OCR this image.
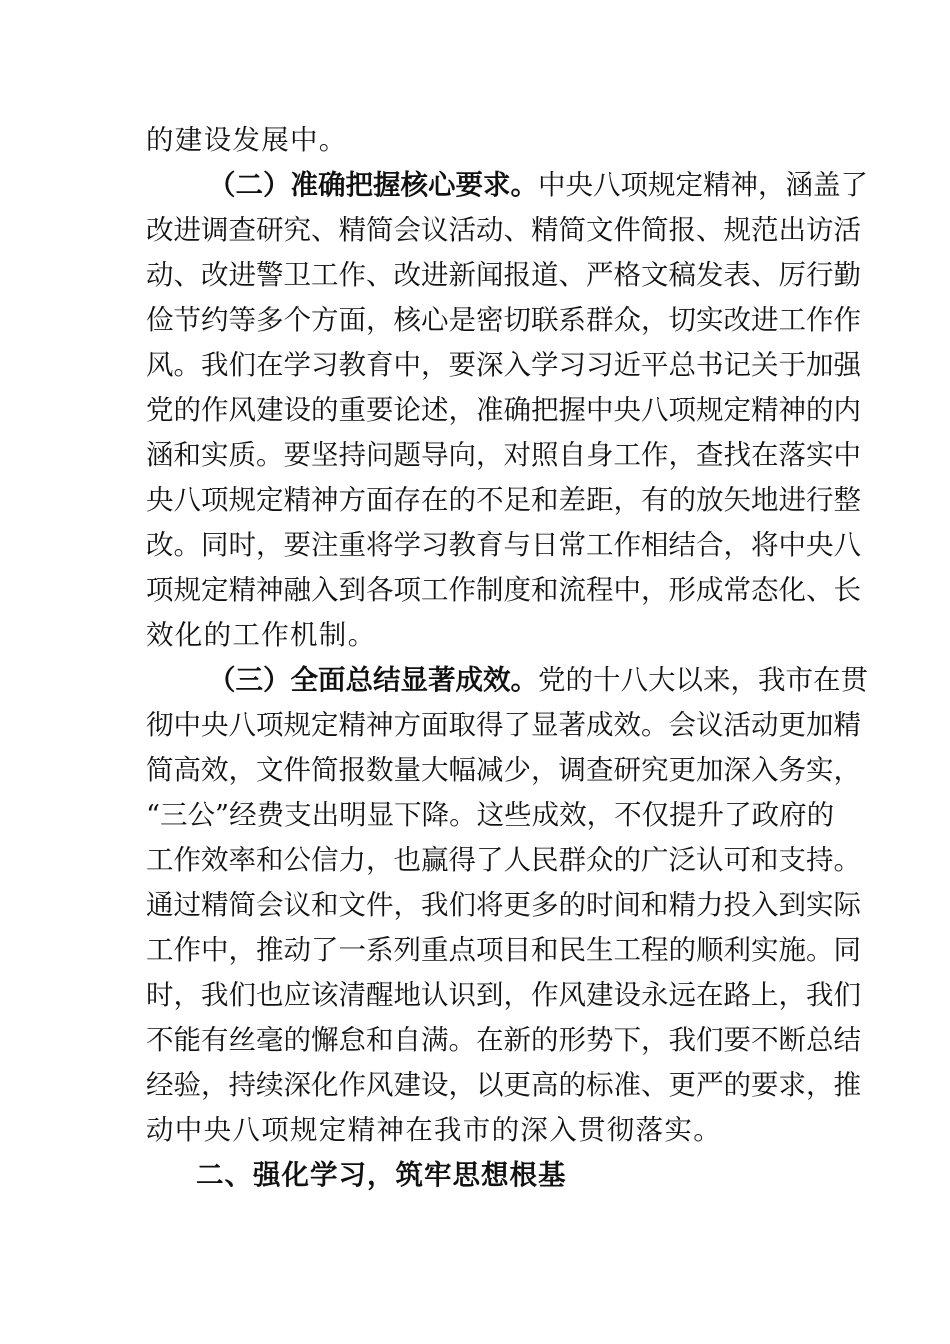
的建设发展中。
（二）准确把握核心要求。中央八项规定精神，涵盖了
改进调查研究、精简会议活动、精简文件简报、规范出访活
动、改进警卫工作、改进新闻报道、严格文稿发表、厉行勤
俭节约等多个方面，核心是密切联系群众，切实改进工作作
风。我们在学习教育中，要深入学习习近平总书记关于加强
党的作风建设的重要论述，准确把握中央八项规定精神的内
涵和实质。要坚持问题导向，对照自身工作，查找在落实中
央八项规定精神方面存在的不足和差距，有的放矢地进行整
改。同时，要注重将学习教育与日常工作相结合，将中央八
项规定精神融入到各项工作制度和流程中，形成常态化、长
效化的工作机制。
（三）全面总结显著成效。党的十八大以来，我市在贯
彻中央八项规定精神方面取得了显著成效。会议活动更加精
简高效，文件简报数量大幅减少，调查研究更加深入务实，
“三公”经费支出明显下降。这些成效，不仅提升了政府的
工作效率和公信力，也赢得了人民群众的广泛认可和支持。
通过精简会议和文件，我们将更多的时间和精力投入到实际
工作中，推动了一系列重点项目和民生工程的顺利实施。同
时，我们也应该清醒地认识到，作风建设永远在路上，我们
不能有丝毫的懈怠和自满。在新的形势下，我们要不断总结
经验，持续深化作风建设，以更高的标准、更严的要求，推
动中央八项规定精神在我市的深入贯彻落实。
二、强化学习，筑牢思想根基
